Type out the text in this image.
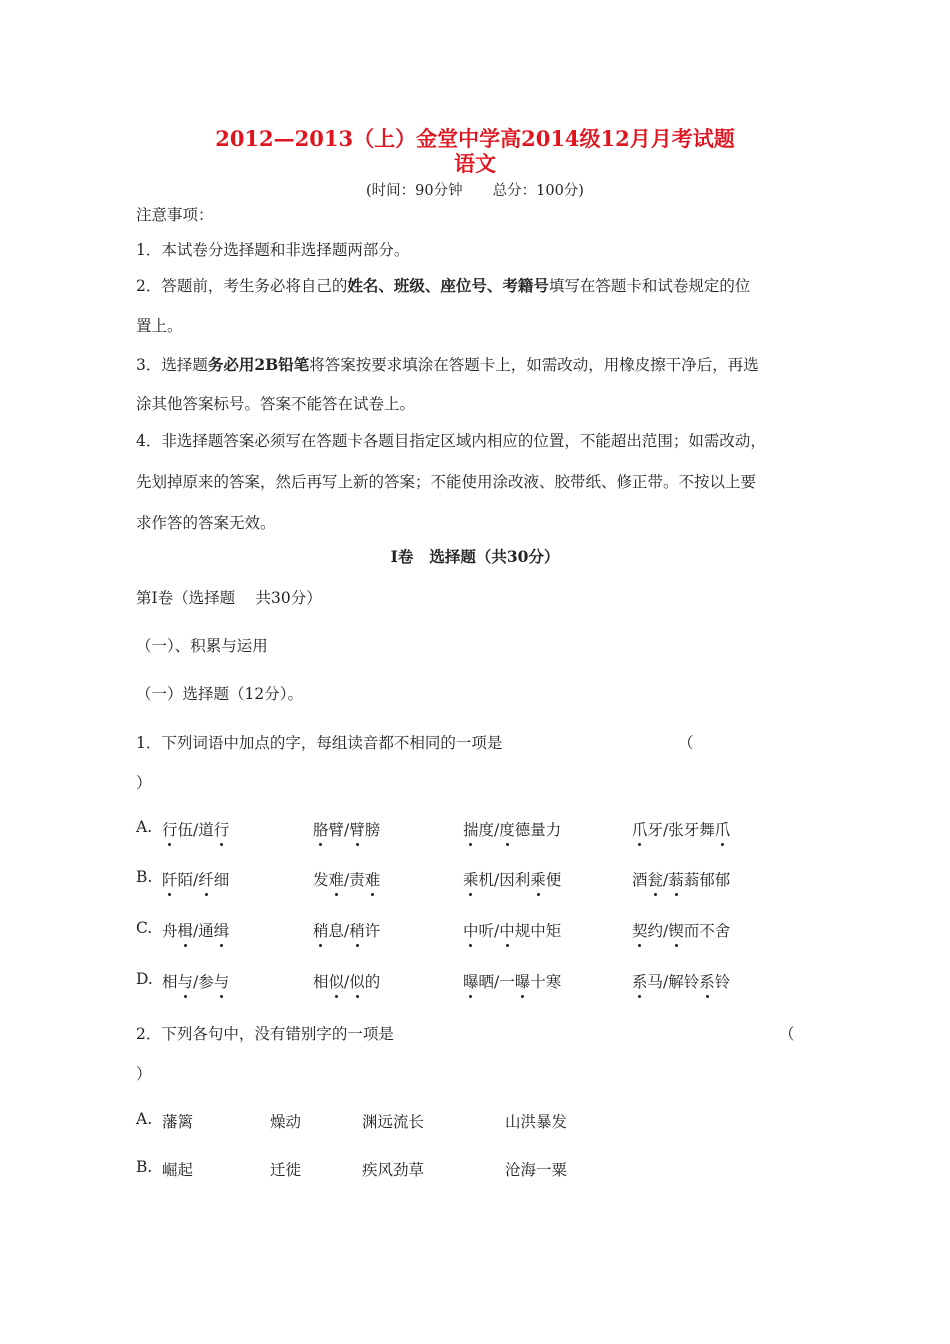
2012—2013（上）金堂中学高2014级12月月考试题
语文
(时间：90分钟 总分：100分)
注意事项：
1．本试卷分选择题和非选择题两部分。
2．答题前，考生务必将自己的姓名、班级、座位号、考籍号填写在答题卡和试卷规定的位
置上。
3．选择题务必用2B铅笔将答案按要求填涂在答题卡上，如需改动，用橡皮擦干净后，再选
涂其他答案标号。答案不能答在试卷上。
4．非选择题答案必须写在答题卡各题目指定区域内相应的位置，不能超出范围；如需改动，
先划掉原来的答案，然后再写上新的答案；不能使用涂改液、胶带纸、修正带。不按以上要
求作答的答案无效。
Ⅰ卷 选择题（共30分）
第Ⅰ卷（选择题　 共30分）
（一）、积累与运用
（一）选择题（12分）。
1．下列词语中加点的字，每组读音都不相同的一项是	（
）
A. 行伍/道行	胳臂/臂膀	揣度/度德量力	爪牙/张牙舞爪
B. 阡陌/纤细	发难/责难	乘机/因利乘便	酒瓮/蓊蓊郁郁
C. 舟楫/通缉	稍息/稍许	中听/中规中矩	契约/锲而不舍
D. 相与/参与	相似/似的	曝晒/一曝十寒	系马/解铃系铃
2．下列各句中，没有错别字的一项是	（
）
A. 藩篱	燥动	渊远流长	山洪暴发
B. 崛起	迁徙	疾风劲草	沧海一粟
